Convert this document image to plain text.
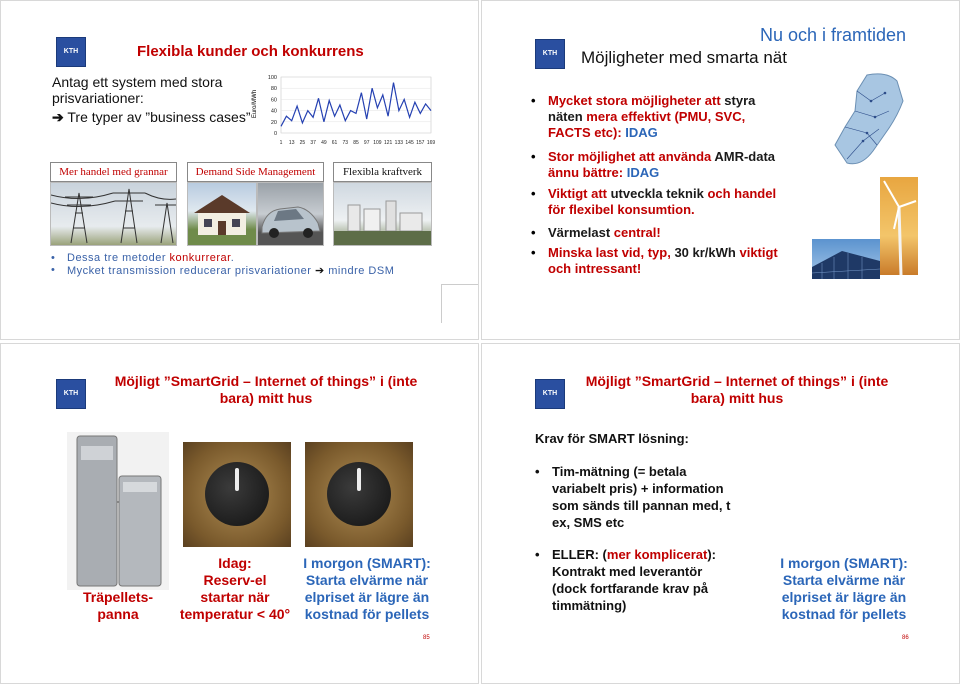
KTH	Flexibla kunder och konkurrens
Antag ett system med stora
prisvariationer:
➔ Tre typer av ”business cases” Euro/MWh
100
80
60
40
20
0
1 13 25 37 49 61 73 85 97 109 121 133 145 157 169
Mer handel med grannar	Demand Side Management	Flexibla kraftverk
• Dessa tre metoder konkurrerar.
• Mycket transmission reducerar prisvariationer ➔ mindre DSM
Nu och i framtiden
KTH	Möjligheter med smarta nät
• Mycket stora möjligheter att styra
näten mera effektivt (PMU, SVC,
FACTS etc): IDAG
• Stor möjlighet att använda AMR-data
ännu bättre: IDAG
• Viktigt att utveckla teknik och handel
för flexibel konsumtion.
• Värmelast central!
• Minska last vid, typ, 30 kr/kWh viktigt
och intressant!
KTH
Möjligt ”SmartGrid – Internet of things” i (inte
bara) mitt hus
Träpellets-
panna
Idag:
Reserv-el
startar när
temperatur < 40°
I morgon (SMART):
Starta elvärme när
elpriset är lägre än
kostnad för pellets
85
KTH
Möjligt ”SmartGrid – Internet of things” i (inte
bara) mitt hus
Krav för SMART lösning:
• Tim-mätning (= betala
variabelt pris) + information
som sänds till pannan med, t
ex, SMS etc
• ELLER: (mer komplicerat):
Kontrakt med leverantör
(dock fortfarande krav på
timmätning)
I morgon (SMART):
Starta elvärme när
elpriset är lägre än
kostnad för pellets
86
